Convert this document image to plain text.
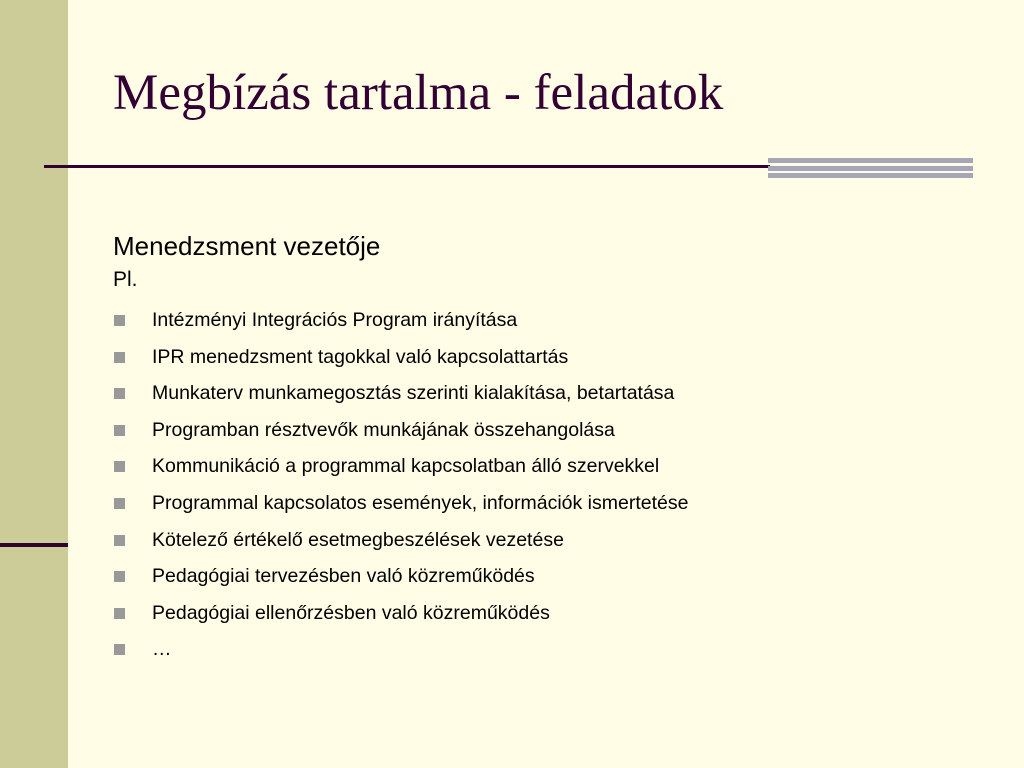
Megbízás tartalma - feladatok

Menedzsment vezetője

Pl.

Intézményi Integrációs Program irányítása
IPR menedzsment tagokkal való kapcsolattartás
Munkaterv munkamegosztás szerinti kialakítása, betartatása
Programban résztvevők munkájának összehangolása
Kommunikáció a programmal kapcsolatban álló szervekkel
Programmal kapcsolatos események, információk ismertetése
Kötelező értékelő esetmegbeszélések vezetése
Pedagógiai tervezésben való közreműködés
Pedagógiai ellenőrzésben való közreműködés
…
